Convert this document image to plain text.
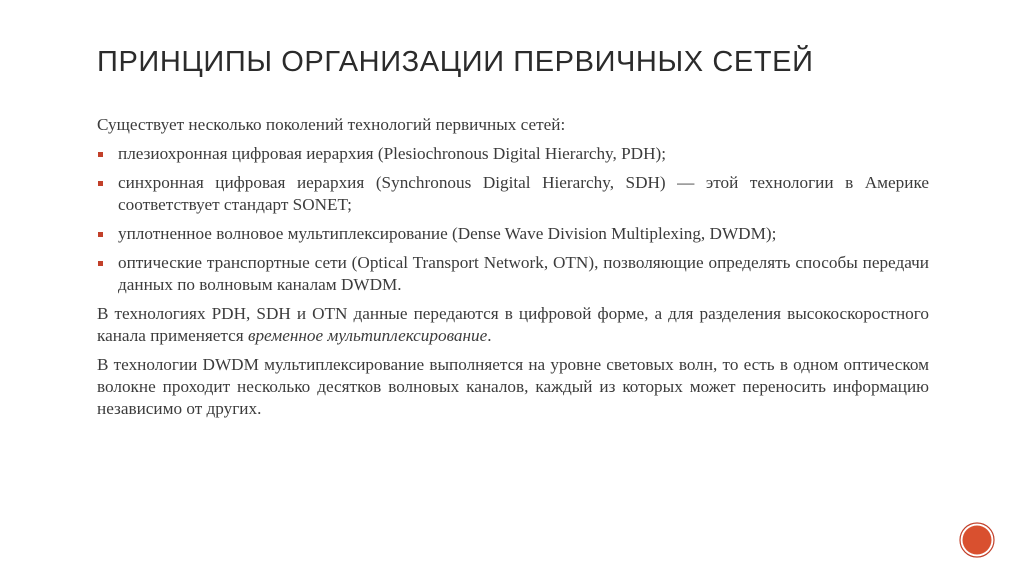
ПРИНЦИПЫ ОРГАНИЗАЦИИ ПЕРВИЧНЫХ СЕТЕЙ

Существует несколько поколений технологий первичных сетей:

плезиохронная цифровая иерархия (Plesiochronous Digital Hierarchy, PDH);
синхронная цифровая иерархия (Synchronous Digital Hierarchy, SDH) — этой технологии в Америке соответствует стандарт SONET;
уплотненное волновое мультиплексирование (Dense Wave Division Multiplexing, DWDM);
оптические транспортные сети (Optical Transport Network, OTN), позволяющие определять способы передачи данных по волновым каналам DWDM.

В технологиях PDH, SDH и OTN данные передаются в цифровой форме, а для разделения высокоскоростного канала применяется временное мультиплексирование.

В технологии DWDM мультиплексирование выполняется на уровне световых волн, то есть в одном оптическом волокне проходит несколько десятков волновых каналов, каждый из которых может переносить информацию независимо от других.
